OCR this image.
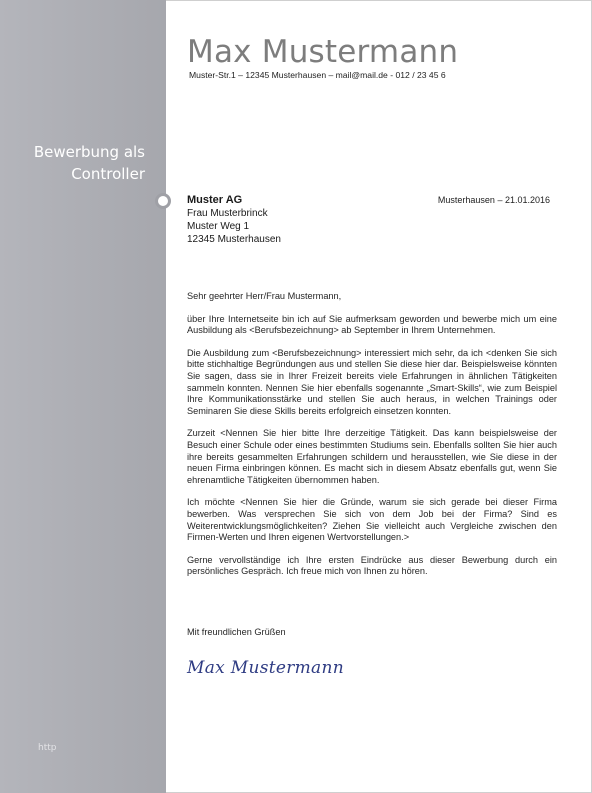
Bewerbung als
Controller
http
Max Mustermann
Muster-Str.1 – 12345 Musterhausen – mail@mail.de - 012 / 23 45 6
Muster AG
Frau Musterbrinck
Muster Weg 1
12345 Musterhausen
Musterhausen – 21.01.2016

Sehr geehrter Herr/Frau Mustermann,

über Ihre Internetseite bin ich auf Sie aufmerksam geworden und bewerbe mich um eine Ausbildung als <Berufsbezeichnung> ab September in Ihrem Unternehmen.

Die Ausbildung zum <Berufsbezeichnung> interessiert mich sehr, da ich <denken Sie sich bitte stichhaltige Begründungen aus und stellen Sie diese hier dar. Beispielsweise könnten Sie sagen, dass sie in Ihrer Freizeit bereits viele Erfahrungen in ähnlichen Tätigkeiten sammeln konnten. Nennen Sie hier ebenfalls sogenannte „Smart-Skills“, wie zum Beispiel Ihre Kommunikationsstärke und stellen Sie auch heraus, in welchen Trainings oder Seminaren Sie diese Skills bereits erfolgreich einsetzen konnten.

Zurzeit <Nennen Sie hier bitte Ihre derzeitige Tätigkeit. Das kann beispielsweise der Besuch einer Schule oder eines bestimmten Studiums sein. Ebenfalls sollten Sie hier auch ihre bereits gesammelten Erfahrungen schildern und herausstellen, wie Sie diese in der neuen Firma einbringen können. Es macht sich in diesem Absatz ebenfalls gut, wenn Sie ehrenamtliche Tätigkeiten übernommen haben.

Ich möchte <Nennen Sie hier die Gründe, warum sie sich gerade bei dieser Firma bewerben. Was versprechen Sie sich von dem Job bei der Firma? Sind es Weiterentwicklungsmöglichkeiten? Ziehen Sie vielleicht auch Vergleiche zwischen den Firmen-Werten und Ihren eigenen Wertvorstellungen.>

Gerne vervollständige ich Ihre ersten Eindrücke aus dieser Bewerbung durch ein persönliches Gespräch. Ich freue mich von Ihnen zu hören.

Mit freundlichen Grüßen
Max Mustermann
